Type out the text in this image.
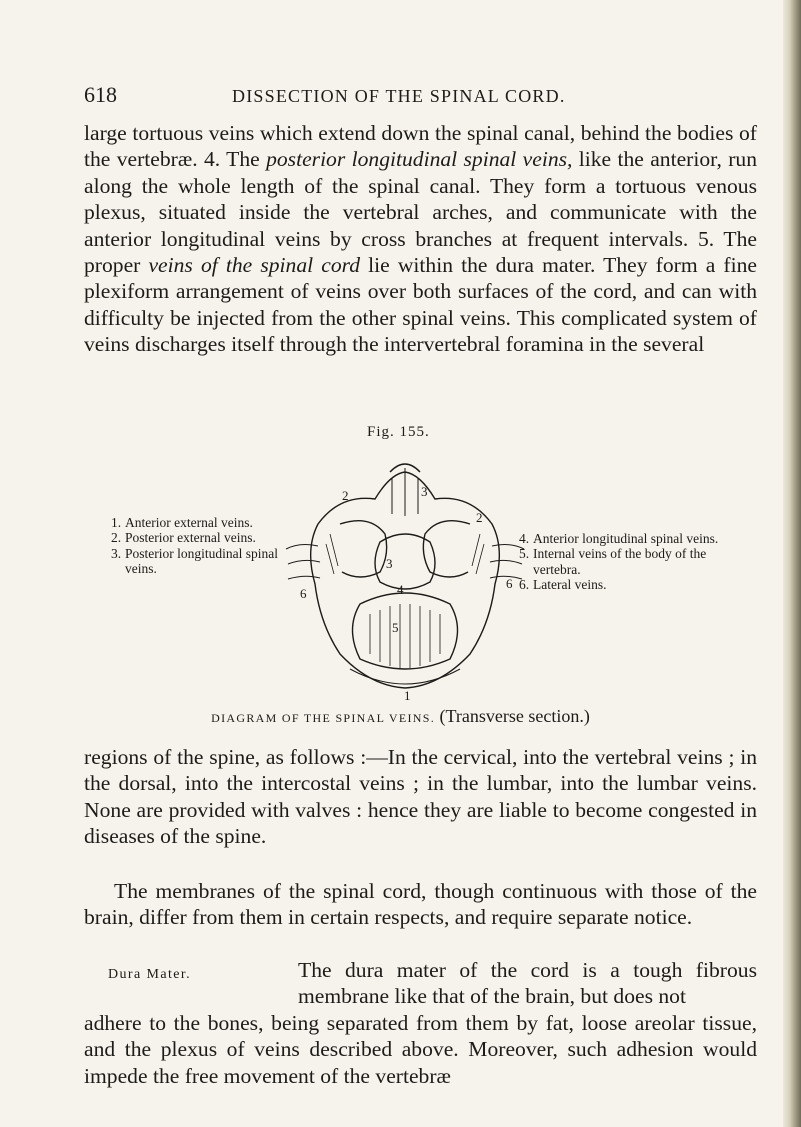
618	DISSECTION OF THE SPINAL CORD.

large tortuous veins which extend down the spinal canal, behind the bodies of the vertebræ. 4. The posterior longitudinal spinal veins, like the anterior, run along the whole length of the spinal canal. They form a tortuous venous plexus, situated inside the vertebral arches, and communicate with the anterior longitudinal veins by cross branches at frequent intervals. 5. The proper veins of the spinal cord lie within the dura mater. They form a fine plexiform arrangement of veins over both surfaces of the cord, and can with difficulty be injected from the other spinal veins. This complicated system of veins discharges itself through the intervertebral foramina in the several

Fig. 155.
1. Anterior external veins.
2. Posterior external veins.
3. Posterior longitudinal spinal veins.
4. Anterior longitudinal spinal veins.
5. Internal veins of the body of the vertebra.
6. Lateral veins.
2	3
2
6
6
3
4
5
1
DIAGRAM OF THE SPINAL VEINS. (Transverse section.)

regions of the spine, as follows :—In the cervical, into the vertebral veins ; in the dorsal, into the intercostal veins ; in the lumbar, into the lumbar veins. None are provided with valves : hence they are liable to become congested in diseases of the spine.

The membranes of the spinal cord, though continuous with those of the brain, differ from them in certain respects, and require separate notice.

Dura Mater.	The dura mater of the cord is a tough fibrous membrane like that of the brain, but does not

adhere to the bones, being separated from them by fat, loose areolar tissue, and the plexus of veins described above. Moreover, such adhesion would impede the free movement of the vertebræ
